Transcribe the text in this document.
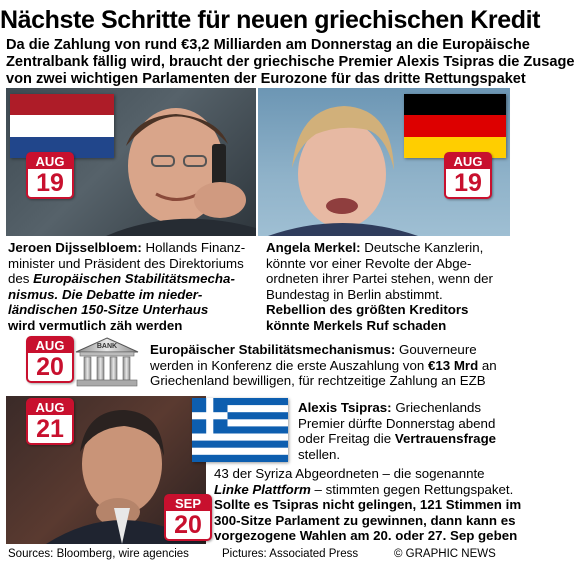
Nächste Schritte für neuen griechischen Kredit
Da die Zahlung von rund €3,2 Milliarden am Donnerstag an die Europäische
Zentralbank fällig wird, braucht der griechische Premier Alexis Tsipras die Zusage
von zwei wichtigen Parlamenten der Eurozone für das dritte Rettungspaket
AUG
19
AUG
19
Jeroen Dijsselbloem: Hollands Finanz-
minister und Präsident des Direktoriums
des Europäischen Stabilitätsmecha-
nismus. Die Debatte im nieder-
ländischen 150-Sitze Unterhaus
wird vermutlich zäh werden
Angela Merkel: Deutsche Kanzlerin,
könnte vor einer Revolte der Abge-
ordneten ihrer Partei stehen, wenn der
Bundestag in Berlin abstimmt.
Rebellion des größten Kreditors
könnte Merkels Ruf schaden
AUG
20
BANK	Europäischer Stabilitätsmechanismus: Gouverneure
werden in Konferenz die erste Auszahlung von €13 Mrd an
Griechenland bewilligen, für rechtzeitige Zahlung an EZB
AUG
21
SEP
20
Alexis Tsipras: Griechenlands
Premier dürfte Donnerstag abend
oder Freitag die Vertrauensfrage
stellen.
43 der Syriza Abgeordneten – die sogenannte
Linke Plattform – stimmten gegen Rettungspaket.
Sollte es Tsipras nicht gelingen, 121 Stimmen im
300-Sitze Parlament zu gewinnen, dann kann es
vorgezogene Wahlen am 20. oder 27. Sep geben
Sources: Bloomberg, wire agencies	Pictures: Associated Press	© GRAPHIC NEWS
